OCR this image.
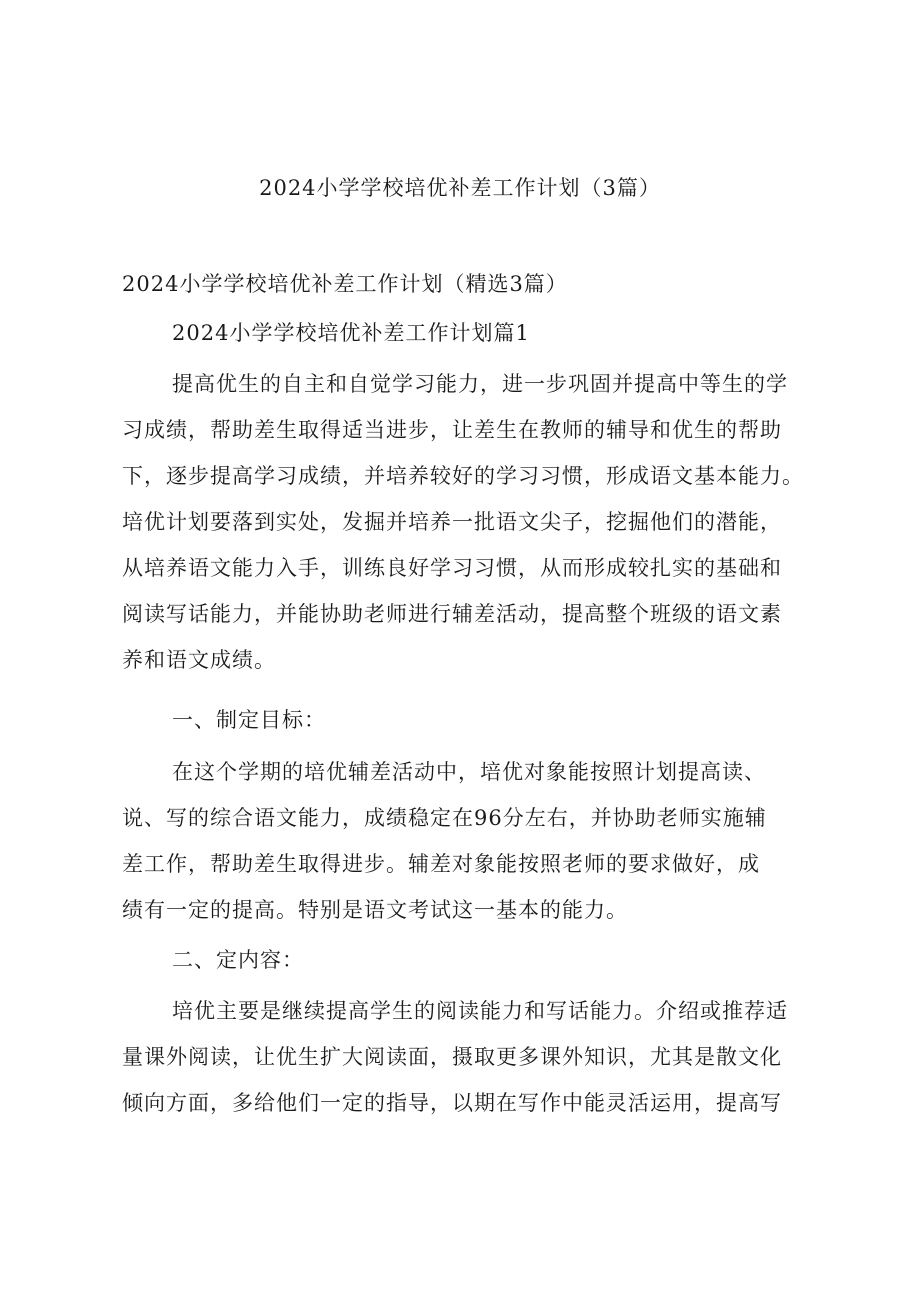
2024小学学校培优补差工作计划（3篇）
2024小学学校培优补差工作计划（精选3篇）
2024小学学校培优补差工作计划篇1
提高优生的自主和自觉学习能力，进一步巩固并提高中等生的学
习成绩，帮助差生取得适当进步，让差生在教师的辅导和优生的帮助
下，逐步提高学习成绩，并培养较好的学习习惯，形成语文基本能力。
培优计划要落到实处，发掘并培养一批语文尖子，挖掘他们的潜能，
从培养语文能力入手，训练良好学习习惯，从而形成较扎实的基础和
阅读写话能力，并能协助老师进行辅差活动，提高整个班级的语文素
养和语文成绩。
一、制定目标：
在这个学期的培优辅差活动中，培优对象能按照计划提高读、
说、写的综合语文能力，成绩稳定在96分左右，并协助老师实施辅
差工作，帮助差生取得进步。辅差对象能按照老师的要求做好，成
绩有一定的提高。特别是语文考试这一基本的能力。
二、定内容：
培优主要是继续提高学生的阅读能力和写话能力。介绍或推荐适
量课外阅读，让优生扩大阅读面，摄取更多课外知识，尤其是散文化
倾向方面，多给他们一定的指导，以期在写作中能灵活运用，提高写
